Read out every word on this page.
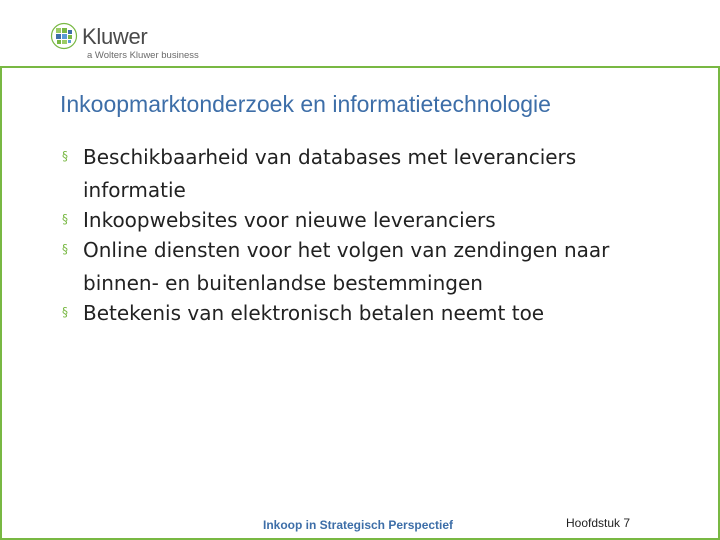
Kluwer
a Wolters Kluwer business
Inkoopmarktonderzoek en informatietechnologie
§ Beschikbaarheid van databases met leveranciers informatie
§ Inkoopwebsites voor nieuwe leveranciers
§ Online diensten voor het volgen van zendingen naar binnen- en buitenlandse bestemmingen
§ Betekenis van elektronisch betalen neemt toe
Inkoop in Strategisch Perspectief	Hoofdstuk 7
